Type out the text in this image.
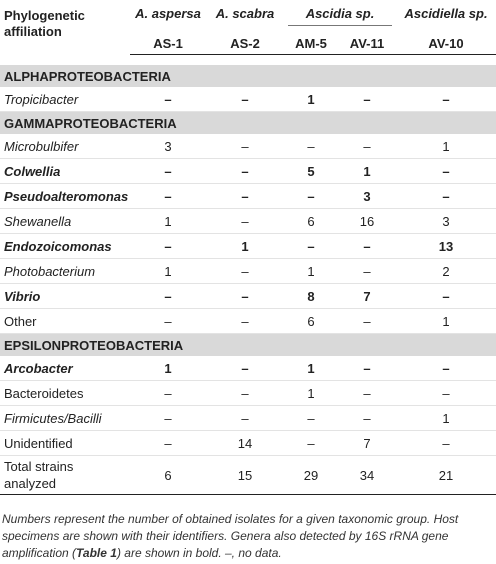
Phylogenetic affiliation	A. aspersa	A. scabra	Ascidia sp.		Ascidiella sp.
	AS-1	AS-2	AM-5	AV-11	AV-10

ALPHAPROTEOBACTERIA					
Tropicibacter	–	–	1	–	–
GAMMAPROTEOBACTERIA					
Microbulbifer	3	–	–	–	1
Colwellia	–	–	5	1	–
Pseudoalteromonas	–	–	–	3	–
Shewanella	1	–	6	16	3
Endozoicomonas	–	1	–	–	13
Photobacterium	1	–	1	–	2
Vibrio	–	–	8	7	–
Other	–	–	6	–	1
EPSILONPROTEOBACTERIA					
Arcobacter	1	–	1	–	–
Bacteroidetes	–	–	1	–	–
Firmicutes/Bacilli	–	–	–	–	1
Unidentified	–	14	–	7	–
Total strains analyzed	6	15	29	34	21
Numbers represent the number of obtained isolates for a given taxonomic group. Host specimens are shown with their identifiers. Genera also detected by 16S rRNA gene amplification (Table 1) are shown in bold. –, no data.
